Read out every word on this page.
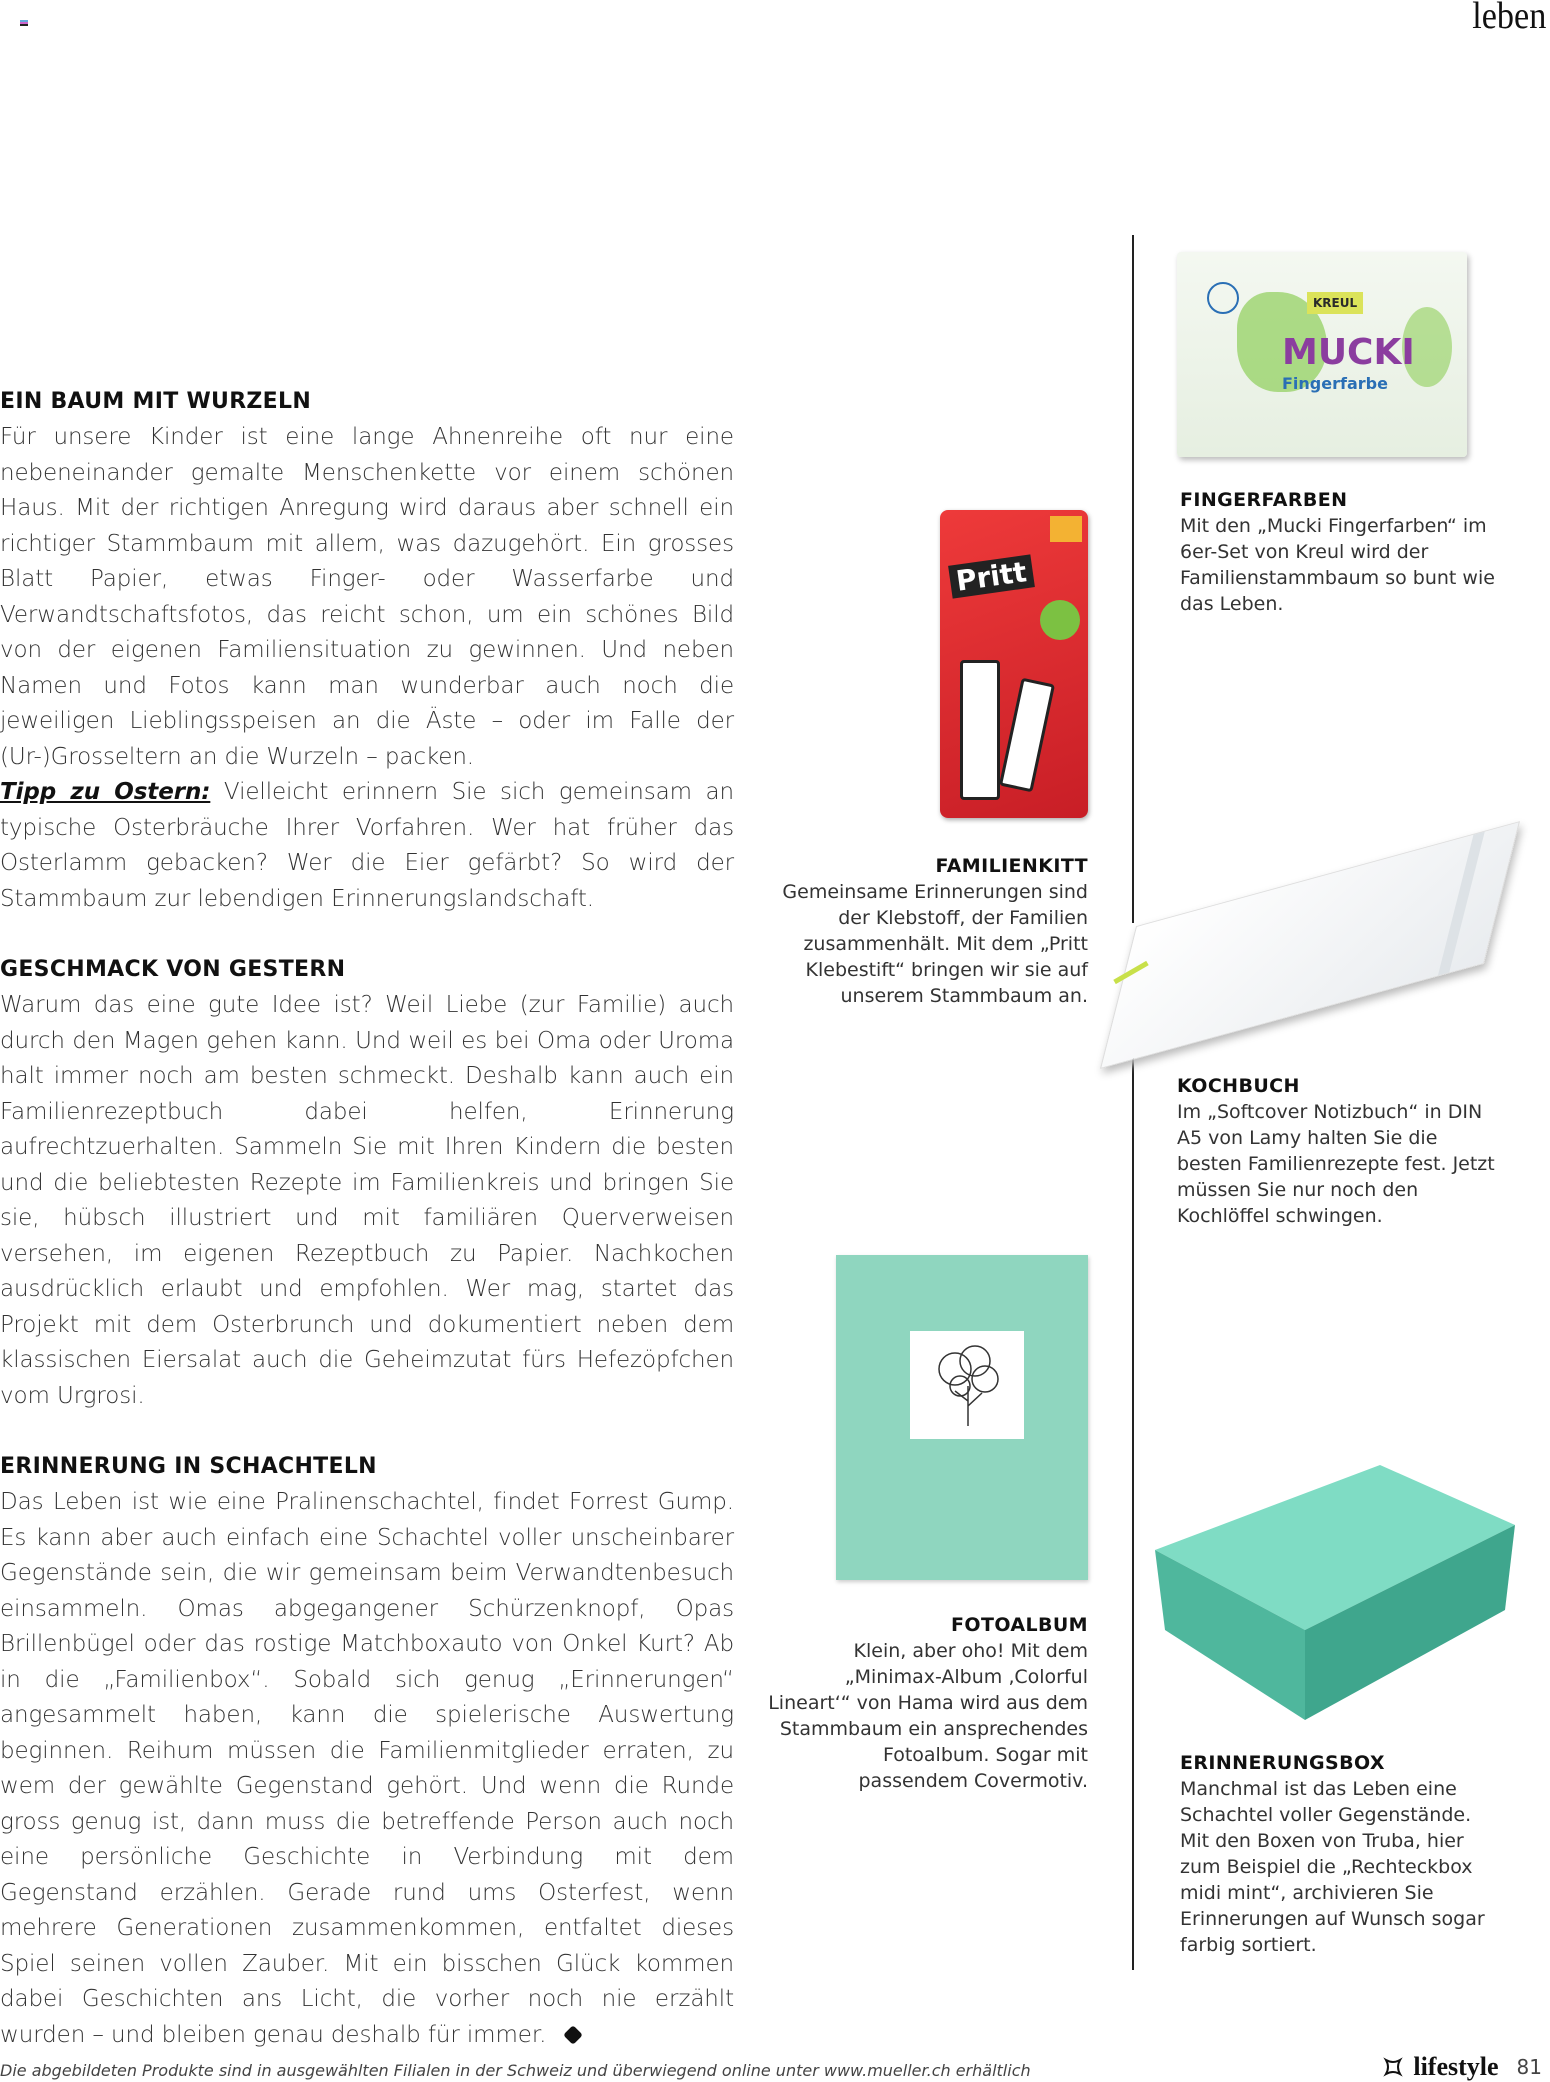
leben
EIN BAUM MIT WURZELN

Für unsere Kinder ist eine lange Ahnenreihe oft nur eine nebeneinander gemalte Menschenkette vor einem schönen Haus. Mit der richtigen Anregung wird daraus aber schnell ein richtiger Stammbaum mit allem, was dazugehört. Ein grosses Blatt Papier, etwas Finger- oder Wasserfarbe und Verwandtschaftsfotos, das reicht schon, um ein schönes Bild von der eigenen Familiensituation zu gewinnen. Und neben Namen und Fotos kann man wunderbar auch noch die jeweiligen Lieblingsspeisen an die Äste – oder im Falle der (Ur-)Grosseltern an die Wurzeln – packen.
Tipp zu Ostern: Vielleicht erinnern Sie sich gemeinsam an typische Osterbräuche Ihrer Vorfahren. Wer hat früher das Osterlamm gebacken? Wer die Eier gefärbt? So wird der Stammbaum zur lebendigen Erinnerungslandschaft.

GESCHMACK VON GESTERN

Warum das eine gute Idee ist? Weil Liebe (zur Familie) auch durch den Magen gehen kann. Und weil es bei Oma oder Uroma halt immer noch am besten schmeckt. Deshalb kann auch ein Familienrezeptbuch dabei helfen, Erinnerung aufrechtzuerhalten. Sammeln Sie mit Ihren Kindern die besten und die beliebtesten Rezepte im Familienkreis und bringen Sie sie, hübsch illustriert und mit familiären Querverweisen versehen, im eigenen Rezeptbuch zu Papier. Nachkochen ausdrücklich erlaubt und empfohlen. Wer mag, startet das Projekt mit dem Osterbrunch und dokumentiert neben dem klassischen Eiersalat auch die Geheimzutat fürs Hefezöpfchen vom Urgrosi.

ERINNERUNG IN SCHACHTELN

Das Leben ist wie eine Pralinenschachtel, findet Forrest Gump. Es kann aber auch einfach eine Schachtel voller unscheinbarer Gegenstände sein, die wir gemeinsam beim Verwandtenbesuch einsammeln. Omas abgegangener Schürzenknopf, Opas Brillenbügel oder das rostige Matchboxauto von Onkel Kurt? Ab in die „Familienbox“. Sobald sich genug „Erinnerungen“ angesammelt haben, kann die spielerische Auswertung beginnen. Reihum müssen die Familienmitglieder erraten, zu wem der gewählte Gegenstand gehört. Und wenn die Runde gross genug ist, dann muss die betreffende Person auch noch eine persönliche Geschichte in Verbindung mit dem Gegenstand erzählen. Gerade rund ums Osterfest, wenn mehrere Generationen zusammenkommen, entfaltet dieses Spiel seinen vollen Zauber. Mit ein bisschen Glück kommen dabei Geschichten ans Licht, die vorher noch nie erzählt wurden – und bleiben genau deshalb für immer.

KREUL
MUCKI
Fingerfarbe
FINGERFARBEN

Mit den „Mucki Fingerfarben“ im 6er-Set von Kreul wird der Familienstammbaum so bunt wie das Leben.

Pritt
FAMILIENKITT

Gemeinsame Erinnerungen sind der Klebstoff, der Familien zusammenhält. Mit dem „Pritt Klebestift“ bringen wir sie auf unserem Stammbaum an.

KOCHBUCH

Im „Softcover Notizbuch“ in DIN A5 von Lamy halten Sie die besten Familienrezepte fest. Jetzt müssen Sie nur noch den Kochlöffel schwingen.

FOTOALBUM

Klein, aber oho! Mit dem „Minimax-Album ‚Colorful Lineart‘“ von Hama wird aus dem Stammbaum ein ansprechendes Fotoalbum. Sogar mit passendem Covermotiv.

ERINNERUNGSBOX

Manchmal ist das Leben eine Schachtel voller Gegenstände. Mit den Boxen von Truba, hier zum Beispiel die „Rechteckbox midi mint“, archivieren Sie Erinnerungen auf Wunsch sogar farbig sortiert.

Die abgebildeten Produkte sind in ausgewählten Filialen in der Schweiz und überwiegend online unter www.mueller.ch erhältlich	lifestyle 81
